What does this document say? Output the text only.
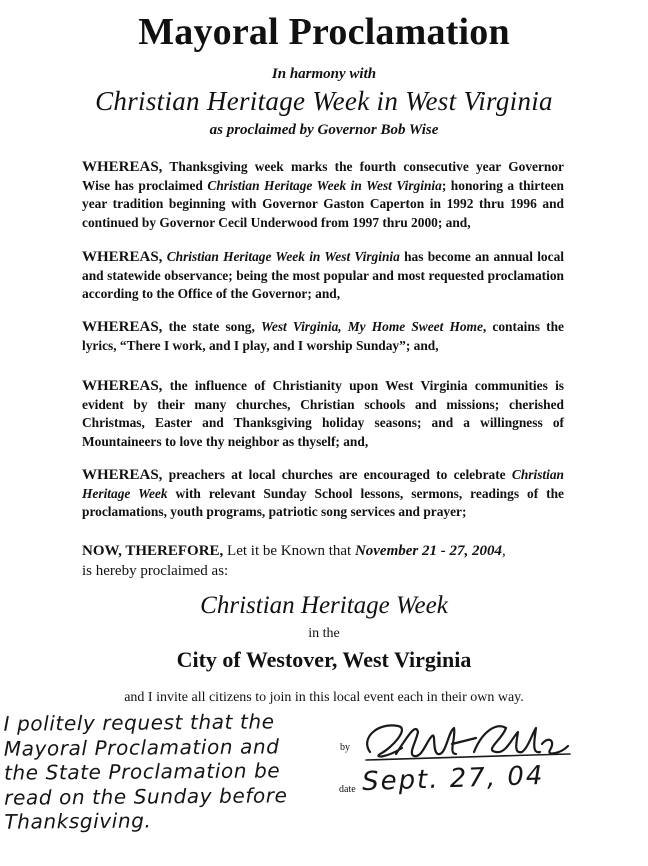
Mayoral Proclamation
In harmony with
Christian Heritage Week in West Virginia
as proclaimed by Governor Bob Wise

WHEREAS, Thanksgiving week marks the fourth consecutive year Governor Wise has proclaimed Christian Heritage Week in West Virginia; honoring a thirteen year tradition beginning with Governor Gaston Caperton in 1992 thru 1996 and continued by Governor Cecil Underwood from 1997 thru 2000; and,

WHEREAS, Christian Heritage Week in West Virginia has become an annual local and statewide observance; being the most popular and most requested proclamation according to the Office of the Governor; and,

WHEREAS, the state song, West Virginia, My Home Sweet Home, contains the lyrics, “There I work, and I play, and I worship Sunday”; and,

WHEREAS, the influence of Christianity upon West Virginia communities is evident by their many churches, Christian schools and missions; cherished Christmas, Easter and Thanksgiving holiday seasons; and a willingness of Mountaineers to love thy neighbor as thyself; and,

WHEREAS, preachers at local churches are encouraged to celebrate Christian Heritage Week with relevant Sunday School lessons, sermons, readings of the proclamations, youth programs, patriotic song services and prayer;

NOW, THEREFORE, Let it be Known that November 21 - 27, 2004,
is hereby proclaimed as:

Christian Heritage Week
in the
City of Westover, West Virginia
and I invite all citizens to join in this local event each in their own way.
I politely request that the
Mayoral Proclamation and
the State Proclamation be
read on the Sunday before
Thanksgiving.
by
date Sept. 27, 04
